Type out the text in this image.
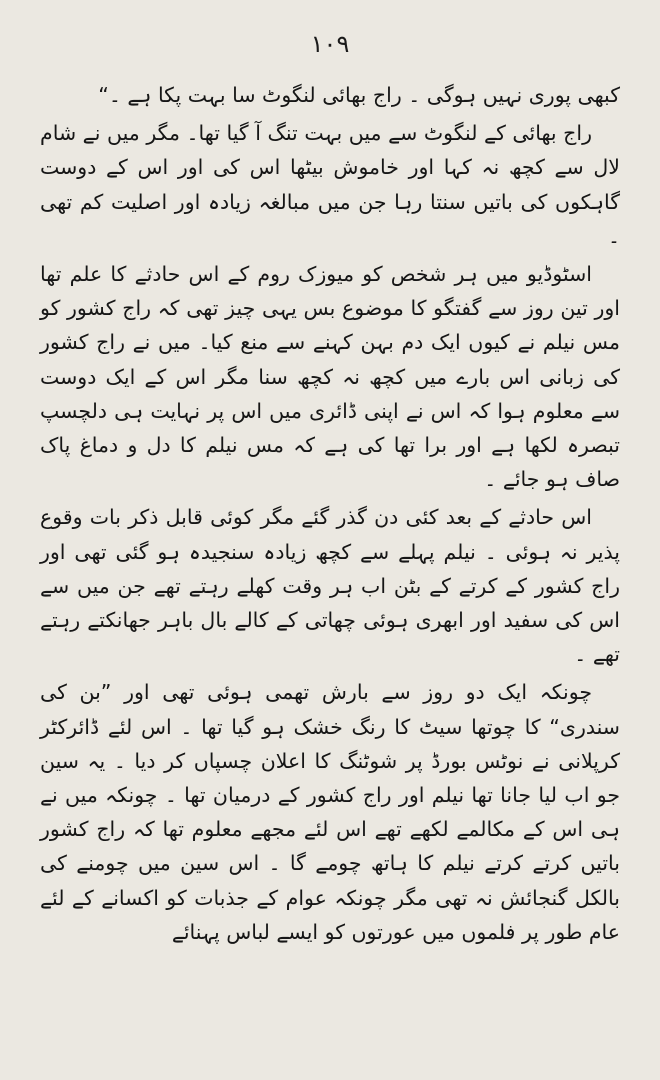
۱۰۹

کبھی پوری نہیں ہوگی ۔ راج بھائی لنگوٹ سا بہت پکا ہے ۔“

راج بھائی کے لنگوٹ سے میں بہت تنگ آ گیا تھا۔ مگر میں نے شام لال سے کچھ نہ کہا اور خاموش بیٹھا اس کی اور اس کے دوست گاہکوں کی باتیں سنتا رہا جن میں مبالغہ زیادہ اور اصلیت کم تھی ۔

اسٹوڈیو میں ہر شخص کو میوزک روم کے اس حادثے کا علم تھا اور تین روز سے گفتگو کا موضوع بس یہی چیز تھی کہ راج کشور کو مس نیلم نے کیوں ایک دم بہن کہنے سے منع کیا۔ میں نے راج کشور کی زبانی اس بارے میں کچھ نہ کچھ سنا مگر اس کے ایک دوست سے معلوم ہوا کہ اس نے اپنی ڈائری میں اس پر نہایت ہی دلچسپ تبصرہ لکھا ہے اور برا تھا کی ہے کہ مس نیلم کا دل و دماغ پاک صاف ہو جائے ۔

اس حادثے کے بعد کئی دن گذر گئے مگر کوئی قابل ذکر بات وقوع پذیر نہ ہوئی ۔ نیلم پہلے سے کچھ زیادہ سنجیدہ ہو گئی تھی اور راج کشور کے کرتے کے بٹن اب ہر وقت کھلے رہتے تھے جن میں سے اس کی سفید اور ابھری ہوئی چھاتی کے کالے بال باہر جھانکتے رہتے تھے ۔

چونکہ ایک دو روز سے بارش تھمی ہوئی تھی اور ”بن کی سندری“ کا چوتھا سیٹ کا رنگ خشک ہو گیا تھا ۔ اس لئے ڈائرکٹر کرپلانی نے نوٹس بورڈ پر شوٹنگ کا اعلان چسپاں کر دیا ۔ یہ سین جو اب لیا جانا تھا نیلم اور راج کشور کے درمیان تھا ۔ چونکہ میں نے ہی اس کے مکالمے لکھے تھے اس لئے مجھے معلوم تھا کہ راج کشور باتیں کرتے کرتے نیلم کا ہاتھ چومے گا ۔ اس سین میں چومنے کی بالکل گنجائش نہ تھی مگر چونکہ عوام کے جذبات کو اکسانے کے لئے عام طور پر فلموں میں عورتوں کو ایسے لباس پہنائے
